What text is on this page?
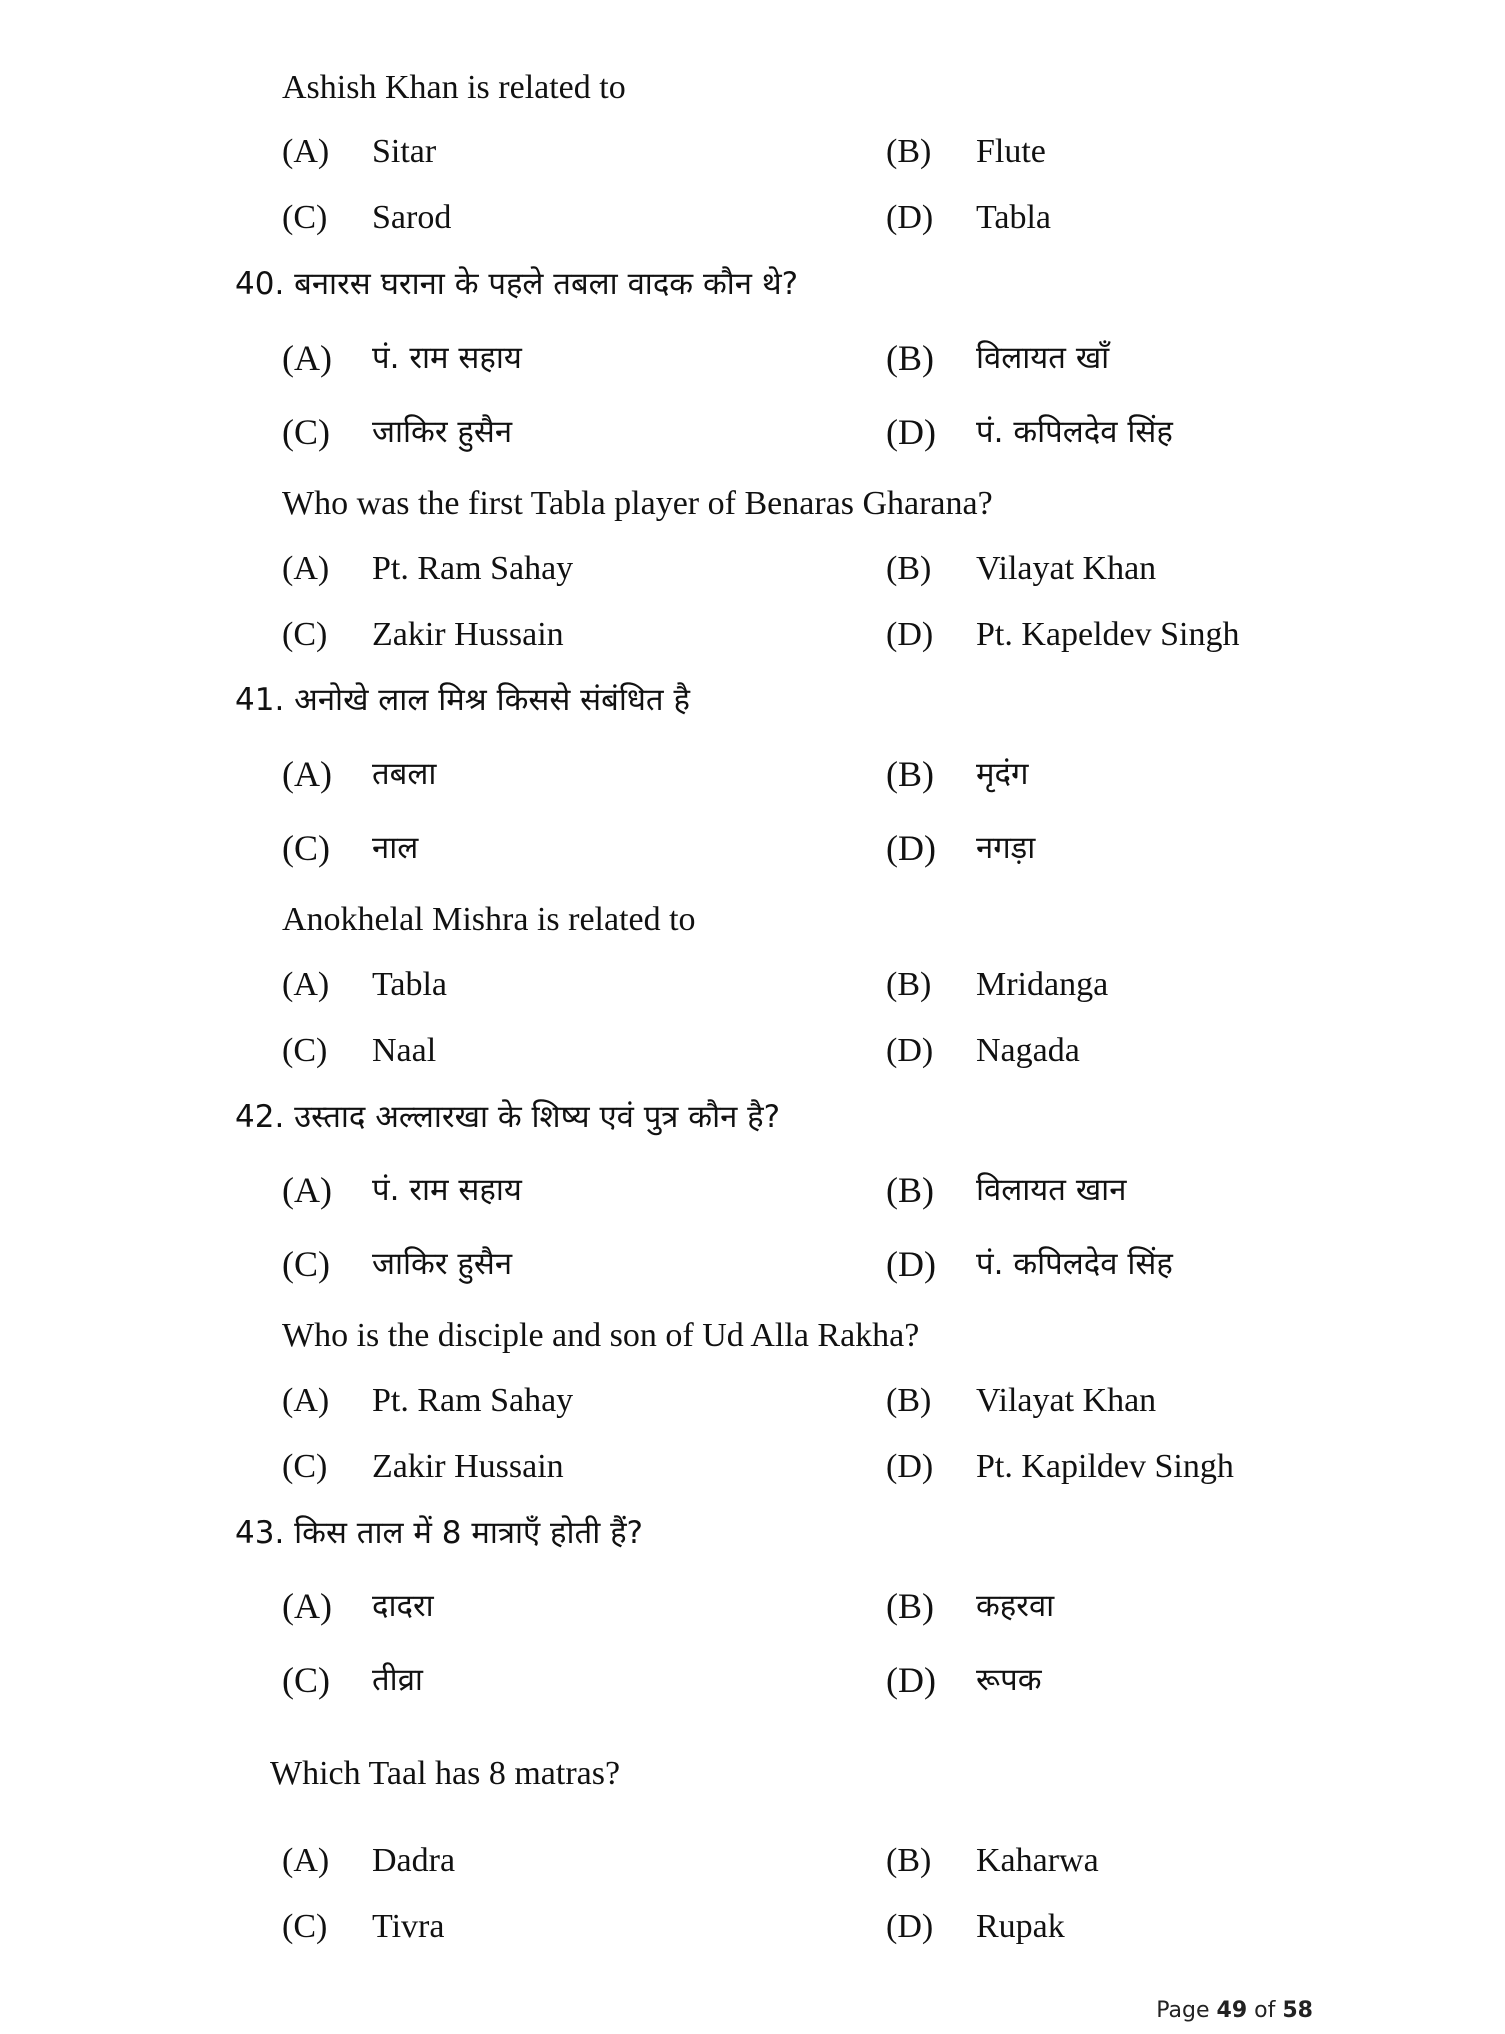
Ashish Khan is related to
(A)	Sitar	(B)	Flute
(C)	Sarod	(D)	Tabla
40. बनारस घराना के पहले तबला वादक कौन थे?
(A)	पं. राम सहाय	(B)	विलायत खाँ
(C)	जाकिर हुसैन	(D)	पं. कपिलदेव सिंह
Who was the first Tabla player of Benaras Gharana?
(A)	Pt. Ram Sahay	(B)	Vilayat Khan
(C)	Zakir Hussain	(D)	Pt. Kapeldev Singh
41. अनोखे लाल मिश्र किससे संबंधित है
(A)	तबला	(B)	मृदंग
(C)	नाल	(D)	नगड़ा
Anokhelal Mishra is related to
(A)	Tabla	(B)	Mridanga
(C)	Naal	(D)	Nagada
42. उस्ताद अल्लारखा के शिष्य एवं पुत्र कौन है?
(A)	पं. राम सहाय	(B)	विलायत खान
(C)	जाकिर हुसैन	(D)	पं. कपिलदेव सिंह
Who is the disciple and son of Ud Alla Rakha?
(A)	Pt. Ram Sahay	(B)	Vilayat Khan
(C)	Zakir Hussain	(D)	Pt. Kapildev Singh
43. किस ताल में 8 मात्राएँ होती हैं?
(A)	दादरा	(B)	कहरवा
(C)	तीव्रा	(D)	रूपक
Which Taal has 8 matras?
(A)	Dadra	(B)	Kaharwa
(C)	Tivra	(D)	Rupak
Page 49 of 58
